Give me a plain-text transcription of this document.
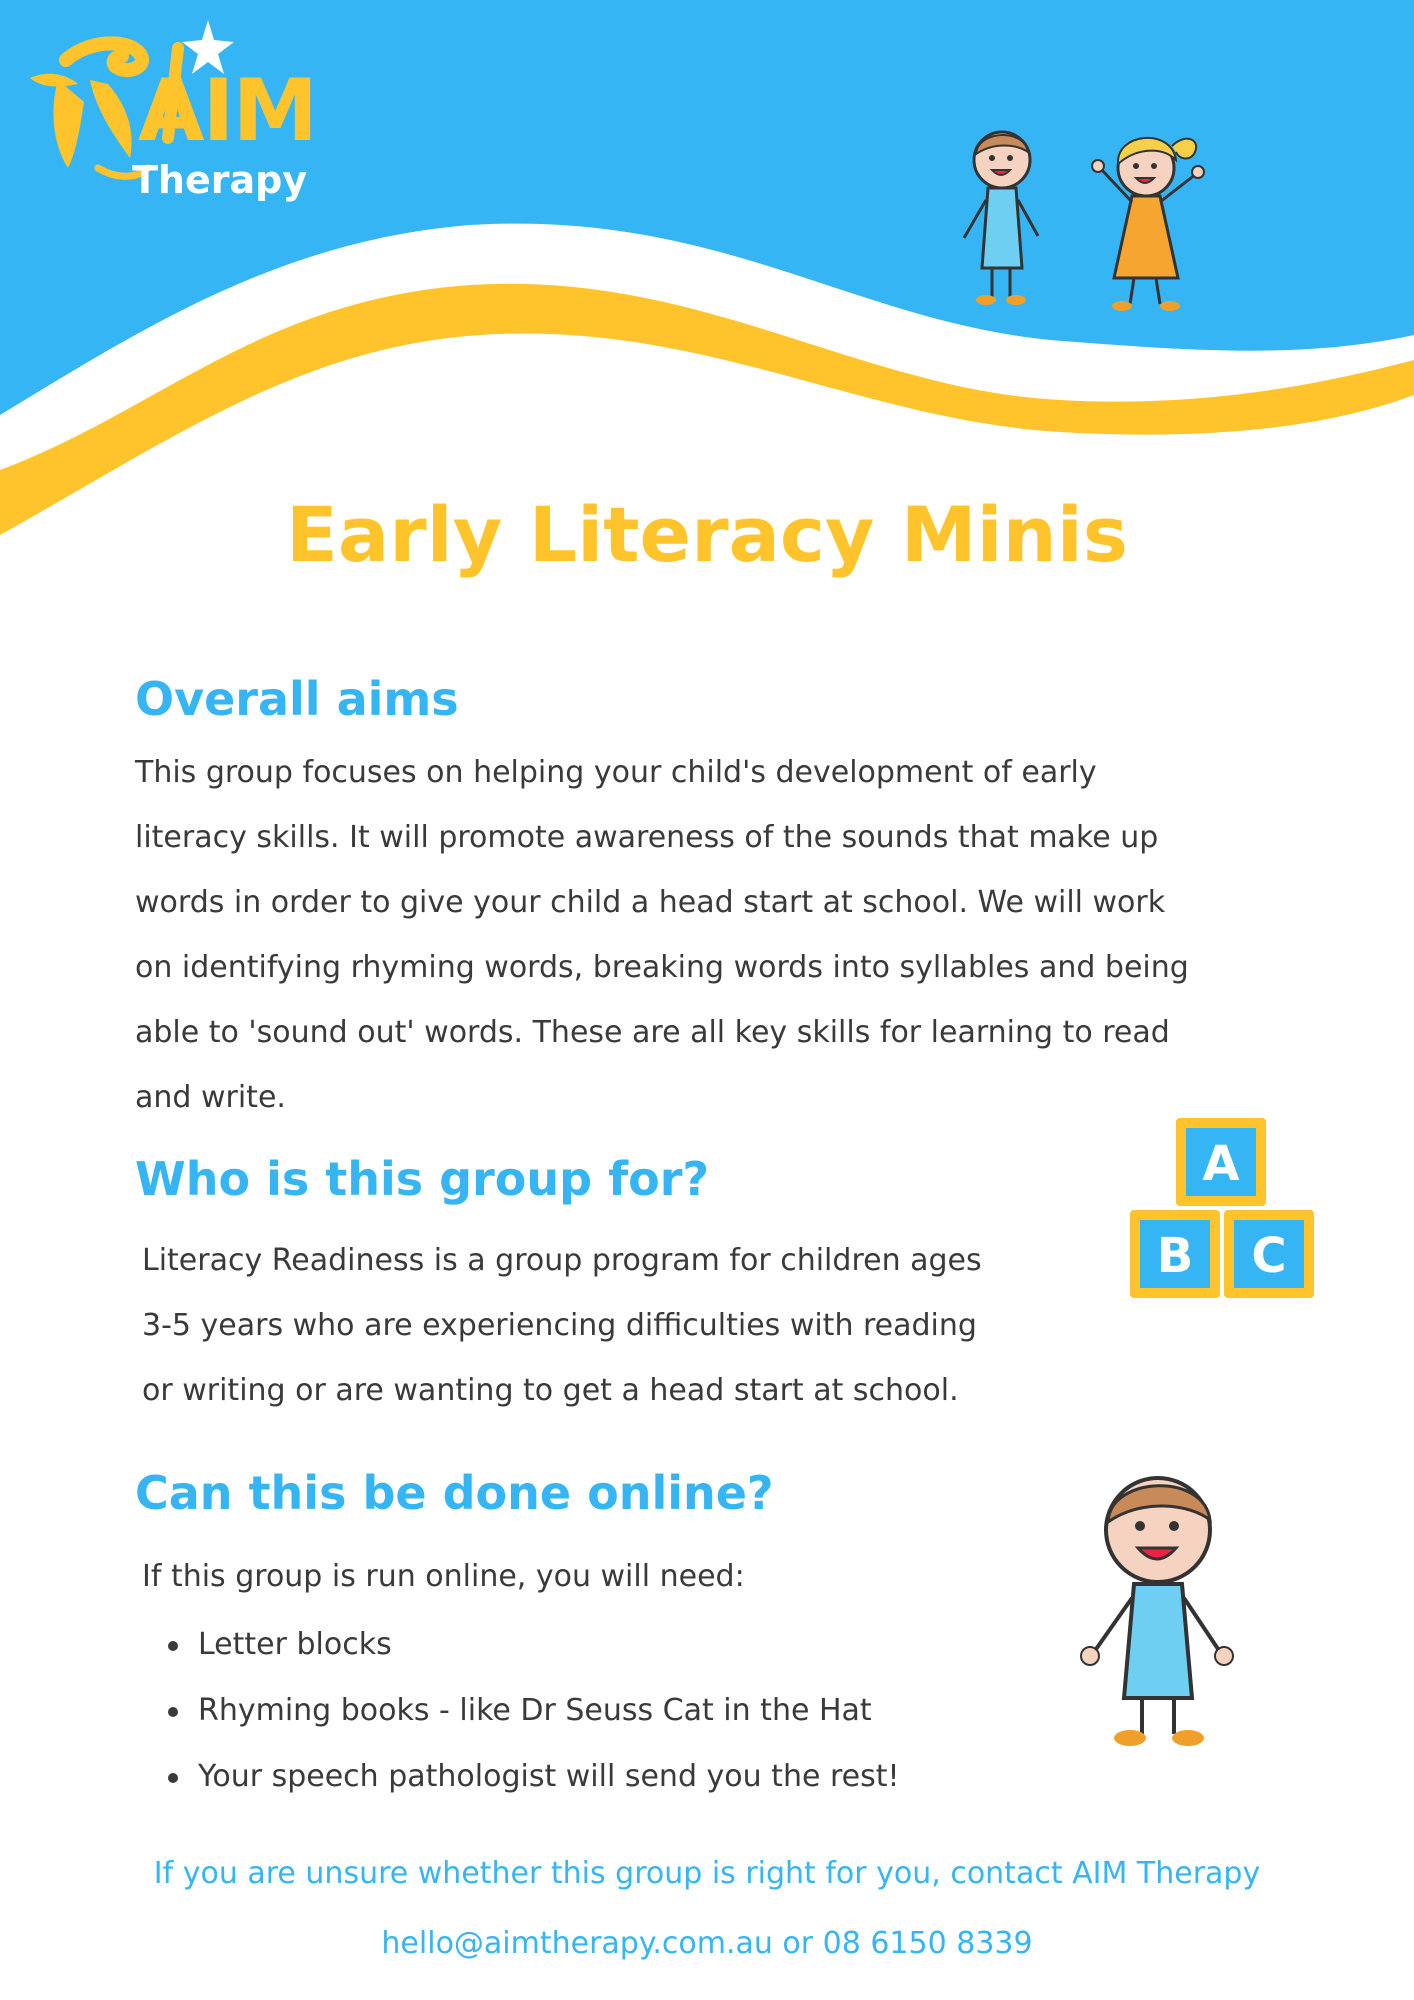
AIM
Therapy
Early Literacy Minis
Overall aims

This group focuses on helping your child's development of early

literacy skills. It will promote awareness of the sounds that make up

words in order to give your child a head start at school. We will work

on identifying rhyming words, breaking words into syllables and being

able to 'sound out' words. These are all key skills for learning to read

and write.

Who is this group for?

Literacy Readiness is a group program for children ages

3-5 years who are experiencing difficulties with reading

or writing or are wanting to get a head start at school.

A
B C
Can this be done online?

If this group is run online, you will need:

Letter blocks
Rhyming books - like Dr Seuss Cat in the Hat
Your speech pathologist will send you the rest!
If you are unsure whether this group is right for you, contact AIM Therapy
hello@aimtherapy.com.au or 08 6150 8339
